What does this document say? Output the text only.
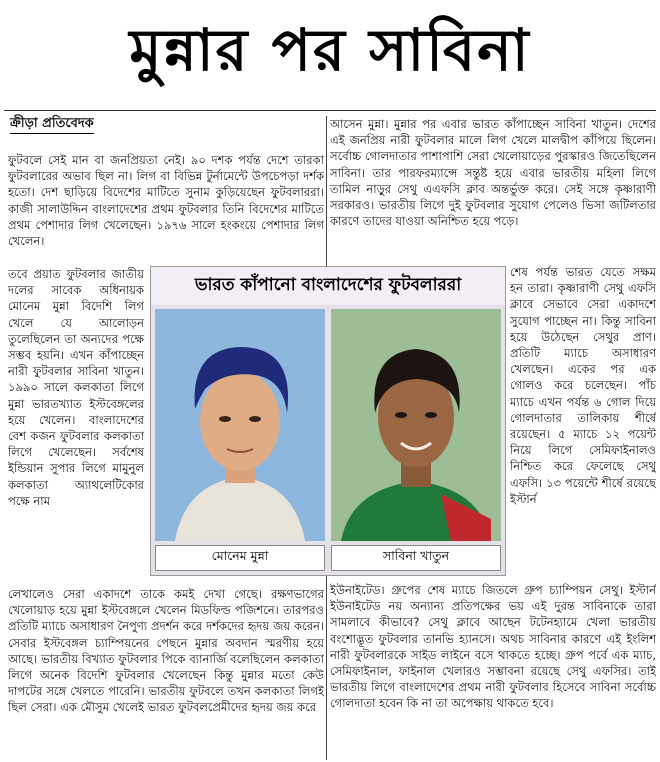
মুন্নার পর সাবিনা
ক্রীড়া প্রতিবেদক

ফুটবলে সেই মান বা জনপ্রিয়তা নেই। ৯০ দশক পর্যন্ত দেশে তারকা ফুটবলারের অভাব ছিল না। লিগ বা বিভিন্ন টুর্নামেন্টে উপচেপড়া দর্শক হতো। দেশ ছাড়িয়ে বিদেশের মাটিতে সুনাম কুড়িয়েছেন ফুটবলাররা। কাজী সালাউদ্দিন বাংলাদেশের প্রথম ফুটবলার তিনি বিদেশের মাটিতে প্রথম পেশাদার লিগ খেলেছেন। ১৯৭৬ সালে হংকংয়ে পেশাদার লিগ খেলেন।

তবে প্রয়াত ফুটবলার জাতীয় দলের সাবেক অধিনায়ক মোনেম মুন্না বিদেশি লিগ খেলে যে আলোড়ন তুলেছিলেন তা অন্যদের পক্ষে সম্ভব হয়নি। এখন কাঁপাচ্ছেন নারী ফুটবলার সাবিনা খাতুন। ১৯৯০ সালে কলকাতা লিগে মুন্না ভারতখ্যাত ইস্টবেঙ্গলের হয়ে খেলেন। বাংলাদেশের বেশ কজন ফুটবলার কলকাতা লিগে খেলেছেন। সর্বশেষ ইন্ডিয়ান সুপার লিগে মামুনুল কলকাতা অ্যাথলেটিকোর পক্ষে নাম

লেখালেও সেরা একাদশে তাকে কমই দেখা গেছে। রক্ষণভাগের খেলোয়াড় হয়ে মুন্না ইস্টবেঙ্গলে খেলেন মিডফিল্ড পজিশনে। তারপরও প্রতিটি ম্যাচে অসাধারণ নৈপুণ্য প্রদর্শন করে দর্শকদের হৃদয় জয় করেন। সেবার ইস্টবেঙ্গল চ্যাম্পিয়নের পেছনে মুন্নার অবদান স্মরণীয় হয়ে আছে। ভারতীয় বিখ্যাত ফুটবলার পিকে ব্যানার্জি বলেছিলেন কলকাতা লিগে অনেক বিদেশি ফুটবলার খেলেছেন কিন্তু মুন্নার মতো কেউ দাপটের সঙ্গে খেলতে পারেনি। ভারতীয় ফুটবলে তখন কলকাতা লিগই ছিল সেরা। এক মৌসুম খেলেই ভারত ফুটবলপ্রেমীদের হৃদয় জয় করে

আসেন মুন্না। মুন্নার পর এবার ভারত কাঁপাচ্ছেন সাবিনা খাতুন। দেশের এই জনপ্রিয় নারী ফুটবলার মালে লিগ খেলে মালদ্বীপ কাঁপিয়ে ছিলেন। সর্বোচ্চ গোলদাতার পাশাপাশি সেরা খেলোয়াড়ের পুরস্কারও জিতেছিলেন সাবিনা। তার পারফরম্যান্সে সন্তুষ্ট হয়ে এবার ভারতীয় মহিলা লিগে তামিল নাড়ুর সেথু এএফসি ক্লাব অন্তর্ভুক্ত করে। সেই সঙ্গে কৃষ্ণারাণী সরকারও। ভারতীয় লিগে দুই ফুটবলার সুযোগ পেলেও ভিসা জটিলতার কারণে তাদের যাওয়া অনিশ্চিত হয়ে পড়ে।

শেষ পর্যন্ত ভারত যেতে সক্ষম হন তারা। কৃষ্ণারাণী সেথু এফসি ক্লাবে সেভাবে সেরা একাদশে সুযোগ পাচ্ছেন না। কিন্তু সাবিনা হয়ে উঠেছেন সেথুর প্রাণ। প্রতিটি ম্যাচে অসাধারণ খেলছেন। একের পর এক গোলও করে চলেছেন। পাঁচ ম্যাচে এখন পর্যন্ত ৬ গোল দিয়ে গোলদাতার তালিকায় শীর্ষে রয়েছেন। ৫ ম্যাচে ১২ পয়েন্ট নিয়ে লিগে সেমিফাইনালও নিশ্চিত করে ফেলেছে সেথু এফসি। ১৩ পয়েন্টে শীর্ষে রয়েছে ইস্টার্ন

ইউনাইটেড। গ্রুপের শেষ ম্যাচে জিতলে গ্রুপ চ্যাম্পিয়ন সেথু। ইস্টার্ন ইউনাইটেড নয় অন্যান্য প্রতিপক্ষের ভয় এই দুরন্ত সাবিনাকে তারা সামলাবে কীভাবে? সেথু ক্লাবে আছেন টটেনহ্যামে খেলা ভারতীয় বংশোদ্ভূত ফুটবলার তানভি হ্যানসে। অথচ সাবিনার কারণে এই ইংলিশ নারী ফুটবলারকে সাইড লাইনে বসে থাকতে হচ্ছে। গ্রুপ পর্বে এক ম্যাচ, সেমিফাইনাল, ফাইনাল খেলারও সম্ভাবনা রয়েছে সেথু এফসির। তাই ভারতীয় লিগে বাংলাদেশের প্রথম নারী ফুটবলার হিসেবে সাবিনা সর্বোচ্চ গোলদাতা হবেন কি না তা অপেক্ষায় থাকতে হবে।

ভারত কাঁপানো বাংলাদেশের ফুটবলাররা
মোনেম মুন্না	সাবিনা খাতুন
